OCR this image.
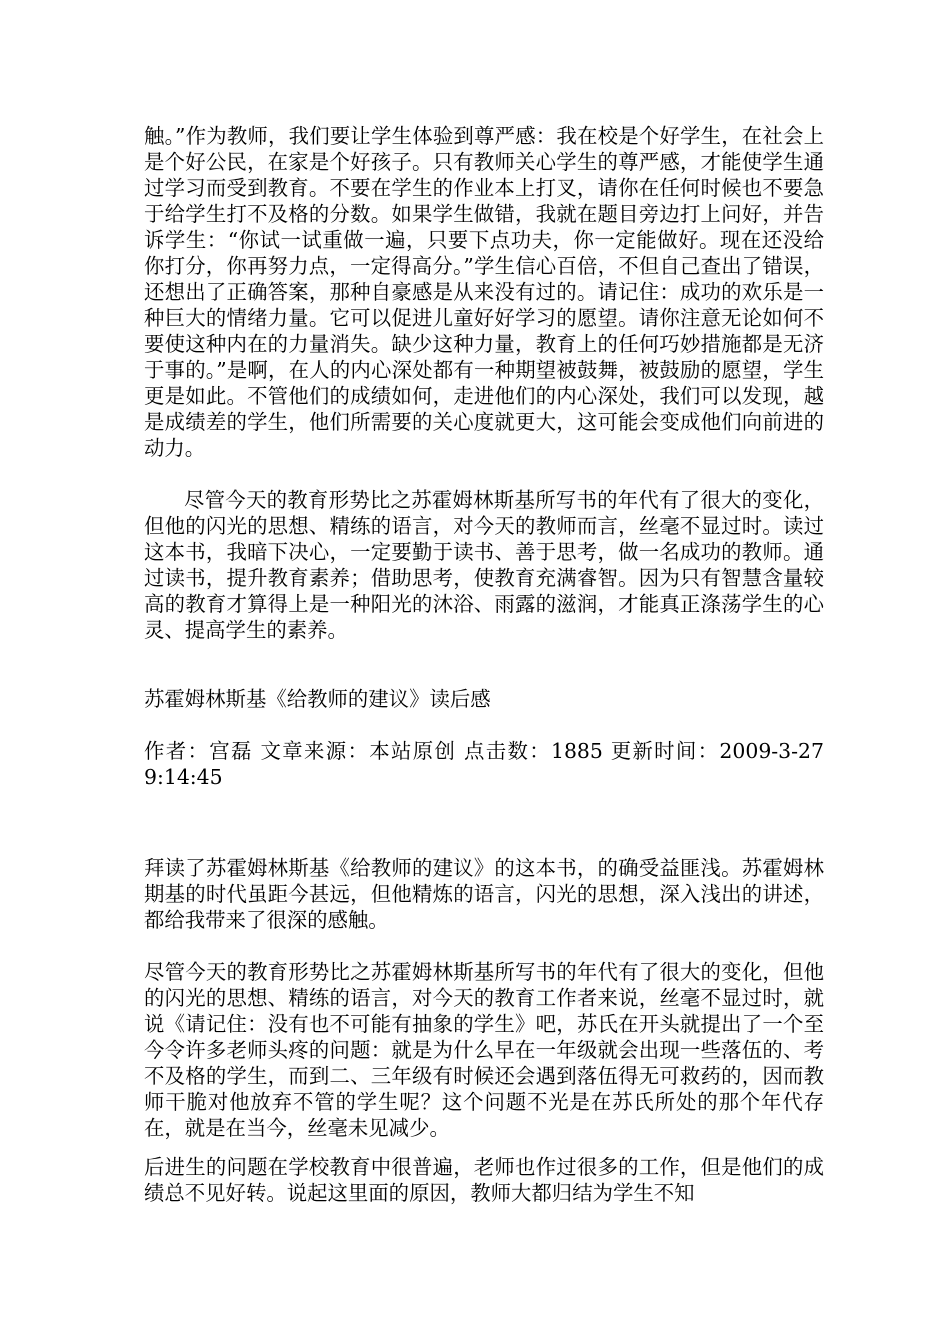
触。”作为教师，我们要让学生体验到尊严感：我在校是个好学生，在社会上是个好公民，在家是个好孩子。只有教师关心学生的尊严感，才能使学生通过学习而受到教育。不要在学生的作业本上打叉，请你在任何时候也不要急于给学生打不及格的分数。如果学生做错，我就在题目旁边打上问好，并告诉学生：“你试一试重做一遍，只要下点功夫，你一定能做好。现在还没给你打分，你再努力点，一定得高分。”学生信心百倍，不但自己查出了错误，还想出了正确答案，那种自豪感是从来没有过的。请记住：成功的欢乐是一种巨大的情绪力量。它可以促进儿童好好学习的愿望。请你注意无论如何不要使这种内在的力量消失。缺少这种力量，教育上的任何巧妙措施都是无济于事的。”是啊，在人的内心深处都有一种期望被鼓舞，被鼓励的愿望，学生更是如此。不管他们的成绩如何，走进他们的内心深处，我们可以发现，越是成绩差的学生，他们所需要的关心度就更大，这可能会变成他们向前进的动力。

尽管今天的教育形势比之苏霍姆林斯基所写书的年代有了很大的变化，但他的闪光的思想、精练的语言，对今天的教师而言，丝毫不显过时。读过这本书，我暗下决心，一定要勤于读书、善于思考，做一名成功的教师。通过读书，提升教育素养；借助思考，使教育充满睿智。因为只有智慧含量较高的教育才算得上是一种阳光的沐浴、雨露的滋润，才能真正涤荡学生的心灵、提高学生的素养。

苏霍姆林斯基《给教师的建议》读后感

作者：宫磊 文章来源：本站原创 点击数：1885 更新时间：2009-3-27 9:14:45

拜读了苏霍姆林斯基《给教师的建议》的这本书，的确受益匪浅。苏霍姆林期基的时代虽距今甚远，但他精炼的语言，闪光的思想，深入浅出的讲述，都给我带来了很深的感触。

尽管今天的教育形势比之苏霍姆林斯基所写书的年代有了很大的变化，但他的闪光的思想、精练的语言，对今天的教育工作者来说，丝毫不显过时，就说《请记住：没有也不可能有抽象的学生》吧，苏氏在开头就提出了一个至今令许多老师头疼的问题：就是为什么早在一年级就会出现一些落伍的、考不及格的学生，而到二、三年级有时候还会遇到落伍得无可救药的，因而教师干脆对他放弃不管的学生呢？这个问题不光是在苏氏所处的那个年代存在，就是在当今，丝毫未见减少。

后进生的问题在学校教育中很普遍，老师也作过很多的工作，但是他们的成绩总不见好转。说起这里面的原因，教师大都归结为学生不知
